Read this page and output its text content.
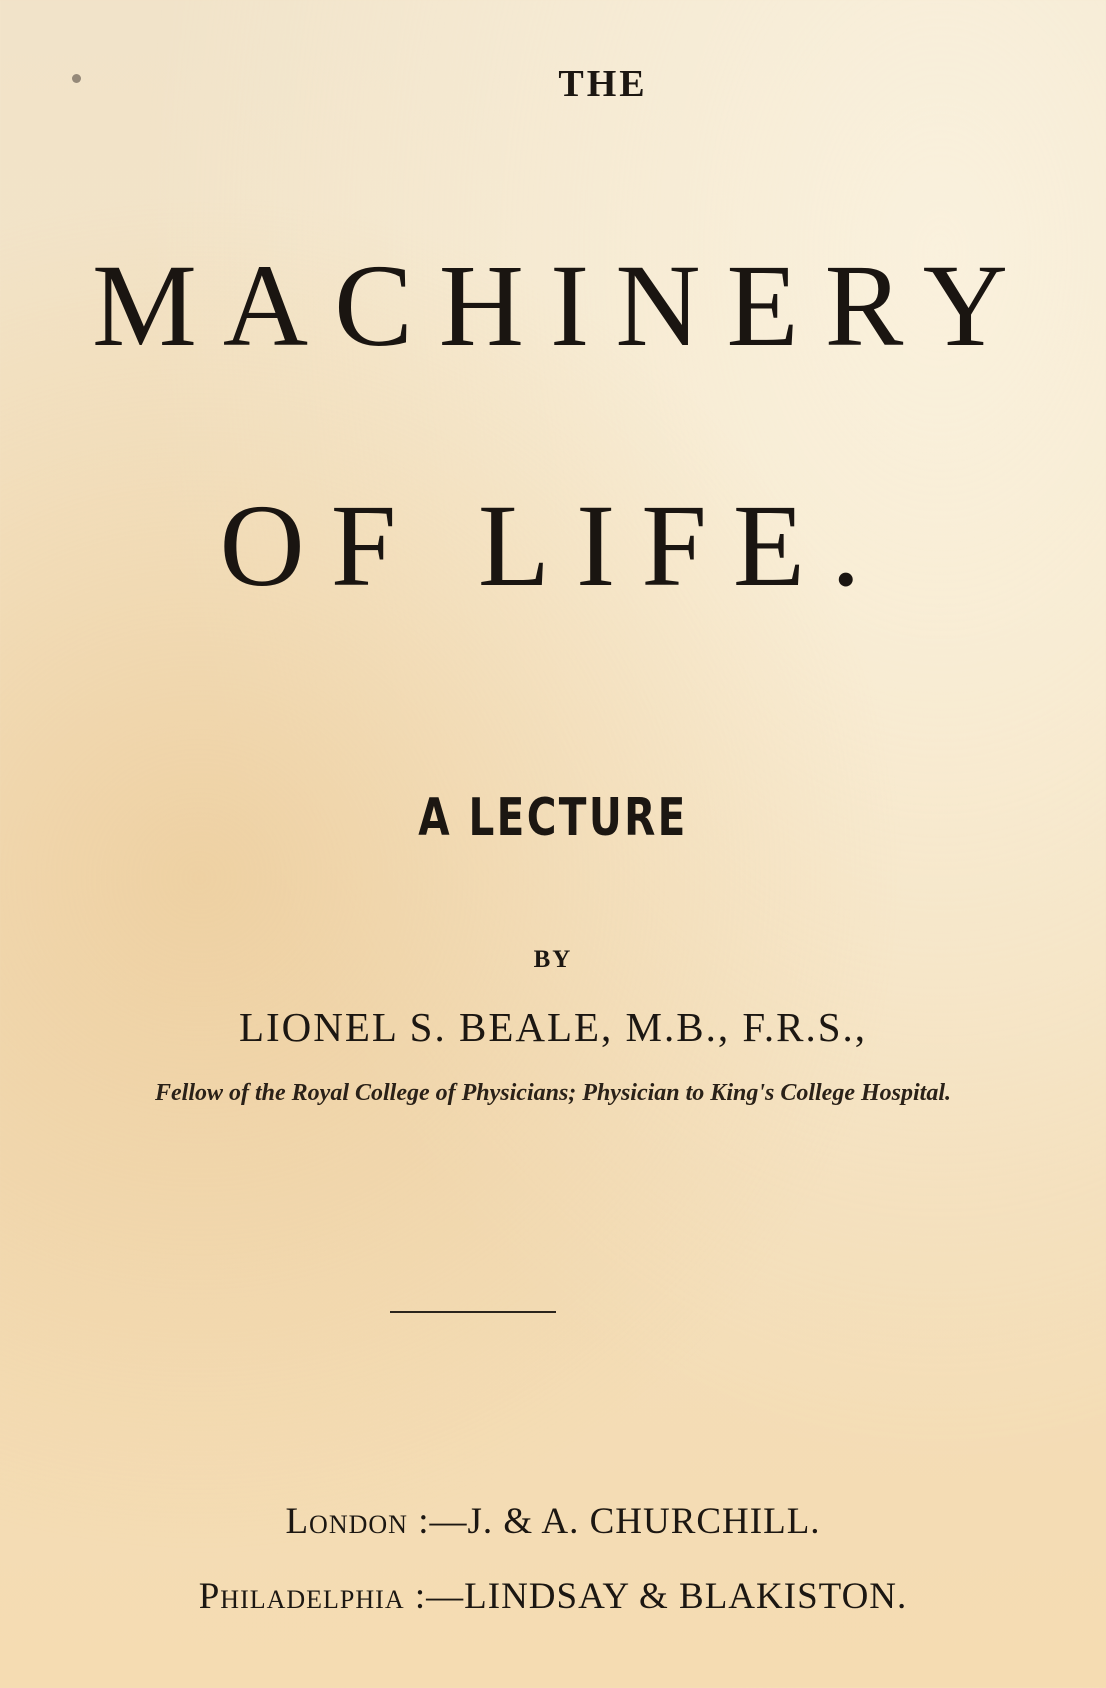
THE

MACHINERY

OF LIFE.

A LECTURE

BY

LIONEL S. BEALE, M.B., F.R.S.,

Fellow of the Royal College of Physicians; Physician to King's College Hospital.

London :—J. & A. CHURCHILL.

Philadelphia :—LINDSAY & BLAKISTON.
